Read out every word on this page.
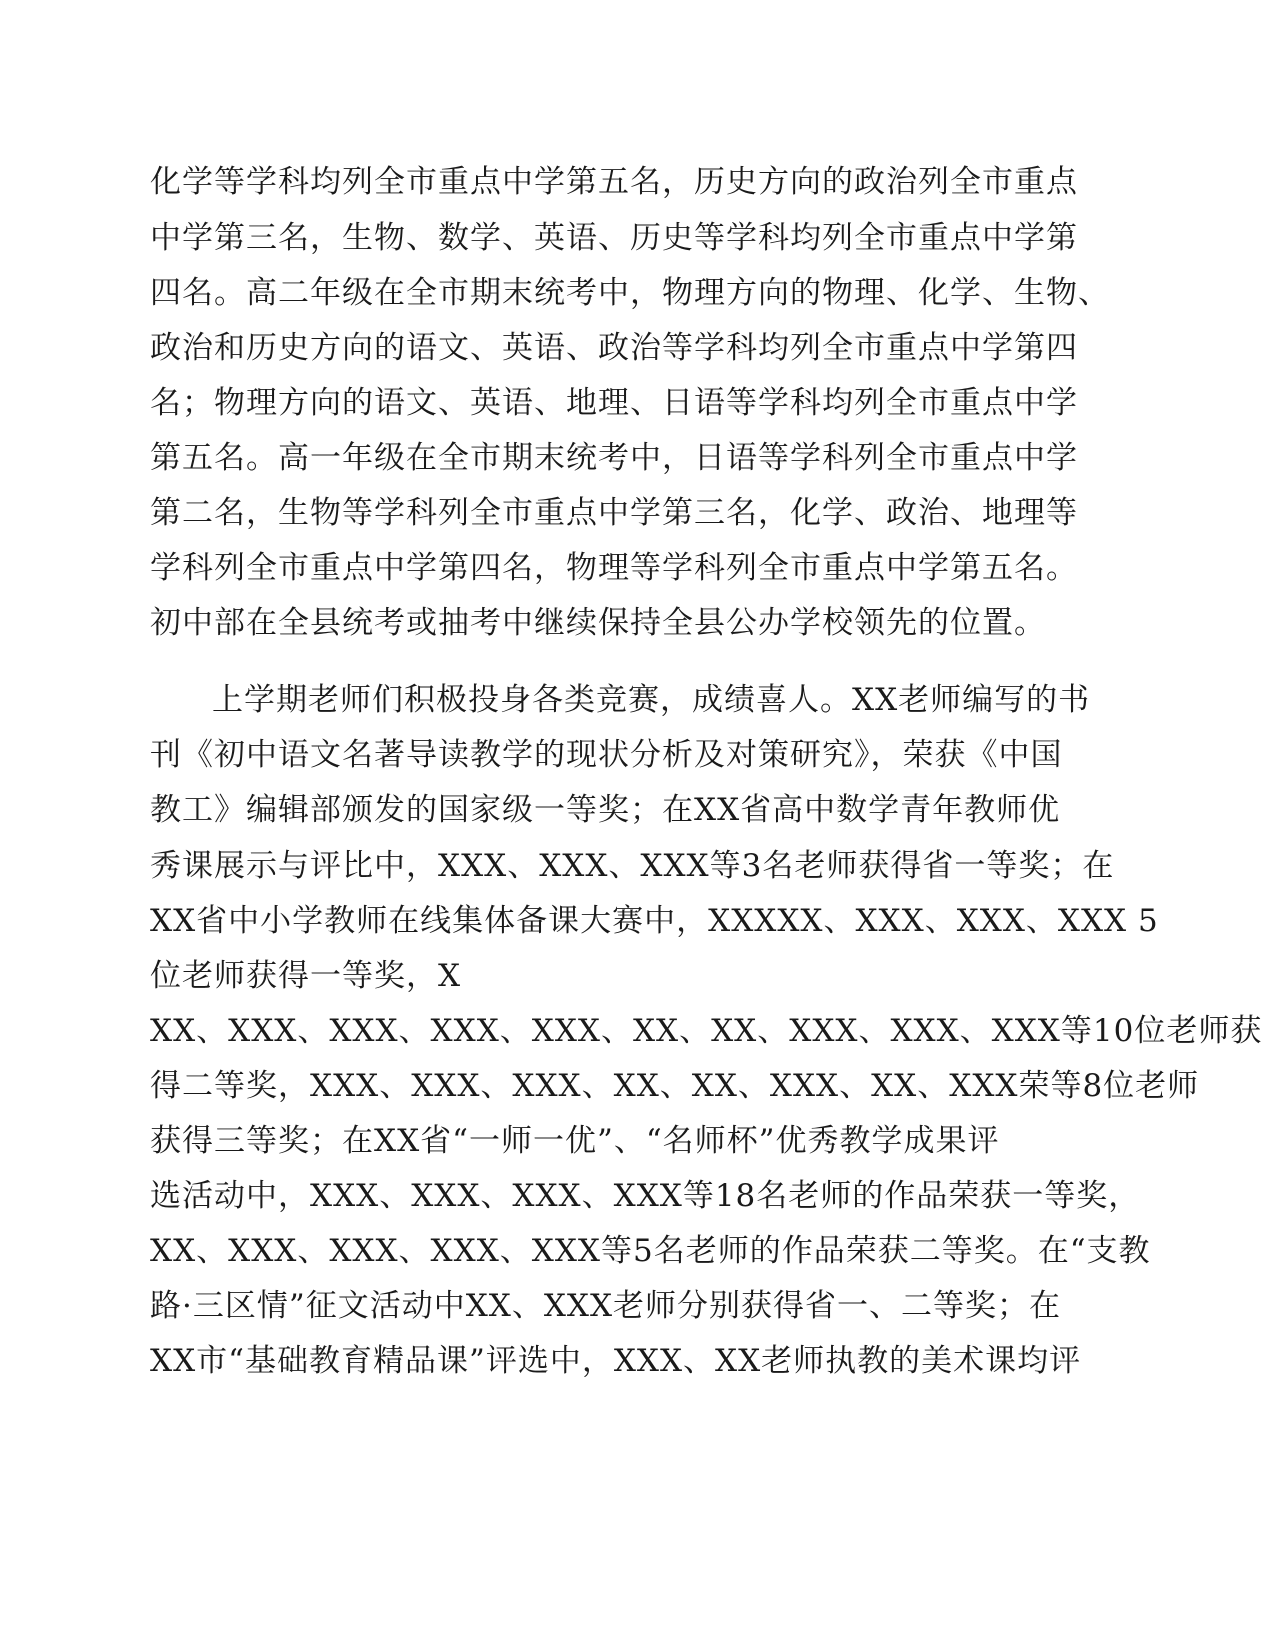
化学等学科均列全市重点中学第五名，历史方向的政治列全市重点
中学第三名，生物、数学、英语、历史等学科均列全市重点中学第
四名。高二年级在全市期末统考中，物理方向的物理、化学、生物、
政治和历史方向的语文、英语、政治等学科均列全市重点中学第四
名；物理方向的语文、英语、地理、日语等学科均列全市重点中学
第五名。高一年级在全市期末统考中，日语等学科列全市重点中学
第二名，生物等学科列全市重点中学第三名，化学、政治、地理等
学科列全市重点中学第四名，物理等学科列全市重点中学第五名。
初中部在全县统考或抽考中继续保持全县公办学校领先的位置。
上学期老师们积极投身各类竞赛，成绩喜人。XX老师编写的书
刊《初中语文名著导读教学的现状分析及对策研究》，荣获《中国
教工》编辑部颁发的国家级一等奖；在XX省高中数学青年教师优
秀课展示与评比中，XXX、XXX、XXX等3名老师获得省一等奖；在
XX省中小学教师在线集体备课大赛中，XXXXX、XXX、XXX、XXX 5
位老师获得一等奖，X
XX、XXX、XXX、XXX、XXX、XX、XX、XXX、XXX、XXX等10位老师获
得二等奖，XXX、XXX、XXX、XX、XX、XXX、XX、XXX荣等8位老师
获得三等奖；在XX省“一师一优”、“名师杯”优秀教学成果评
选活动中，XXX、XXX、XXX、XXX等18名老师的作品荣获一等奖，
XX、XXX、XXX、XXX、XXX等5名老师的作品荣获二等奖。在“支教
路·三区情”征文活动中XX、XXX老师分别获得省一、二等奖；在
XX市“基础教育精品课”评选中，XXX、XX老师执教的美术课均评
